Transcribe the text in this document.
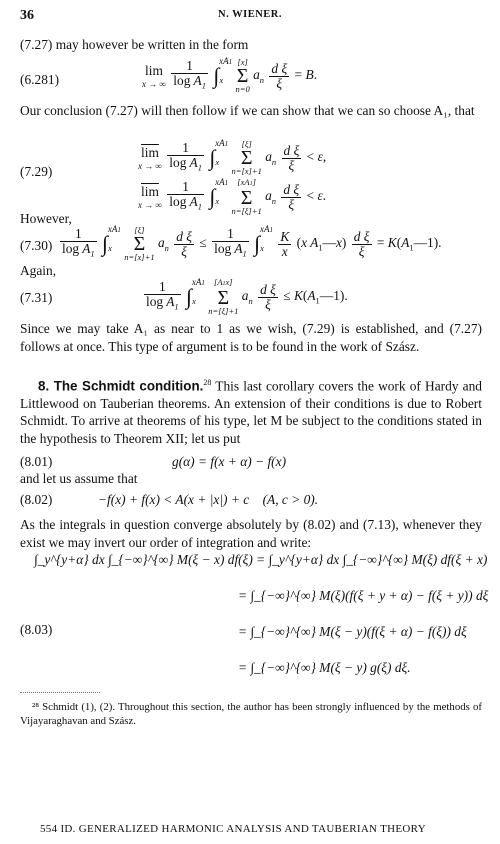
36	N. WIENER.
(7.27) may however be written in the form
(6.281)
lim
x → ∞
$\frac{1}{\log A_1} \int_x^{xA1}$ [x]
Σ
n=0
$a_n \frac{\text{d ξ}}{\xi} = B$.
Our conclusion (7.27) will then follow if we can show that we can so choose A₁, that
(7.29)
$\overline{lim}$
x → ∞
$\frac{1}{\log A_1} \int_x^{xA1}$	[ξ]
Σ
n=[x]+1
$a_n \frac{\text{d ξ}}{\xi} < \varepsilon$,
$\overline{lim}$
x → ∞
$\frac{1}{\log A_1} \int_x^{xA1}$	[xA1]
Σ
n=[ξ]+1
$a_n \frac{\text{d ξ}}{\xi} < \varepsilon$.
However,
$(7.30) \frac{1}{\log A_1} \int_x^{xA1}$	[ξ]
Σ
n=[x]+1
$a_n \frac{\text{d ξ}}{\xi} \le \frac{1}{\log A_1} \int_x^{xA1} \frac{K}{x} (x$ $A_1—x) \frac{\text{d ξ}}{\xi}$ = $K(A_1—1)$.
Again,
(7.31)	$\frac{1}{\log A_1} \int_x^{xA1}$	[A1x]
Σ
n=[ξ]+1
$a_n \frac{\text{d ξ}}{\xi}$ ≤ $K(A_1—1)$.
Since we may take A₁ as near to 1 as we wish, (7.29) is established, and (7.27) follows at once. This type of argument is to be found in the work of Szász.
8. The Schmidt condition.$^{28}$ This last corollary covers the work of Hardy and Littlewood on Tauberian theorems. An extension of their conditions is due to Robert Schmidt. To arrive at theorems of his type, let M be subject to the conditions stated in the hypothesis to Theorem XII; let us put
(8.01)	g(α) = f(x + α) − f(x)
and let us assume that
(8.02)	−f(x) + f(x) < A(x + |x|) + c    (A, c > 0).
As the integrals in question converge absolutely by (8.02) and (7.13), whenever they exist we may invert our order of integration and write:
(8.03)
∫_y^{y+α} dx ∫_{−∞}^{∞} M(ξ − x) df(ξ) = ∫_y^{y+α} dx ∫_{−∞}^{∞} M(ξ) df(ξ + x)
= ∫_{−∞}^{∞} M(ξ)(f(ξ + y + α) − f(ξ + y)) dξ
= ∫_{−∞}^{∞} M(ξ − y)(f(ξ + α) − f(ξ)) dξ
= ∫_{−∞}^{∞} M(ξ − y) g(ξ) dξ.
²⁸ Schmidt (1), (2). Throughout this section, the author has been strongly influenced by the methods of Vijayaraghavan and Szász.
554 ID. GENERALIZED HARMONIC ANALYSIS AND TAUBERIAN THEORY
